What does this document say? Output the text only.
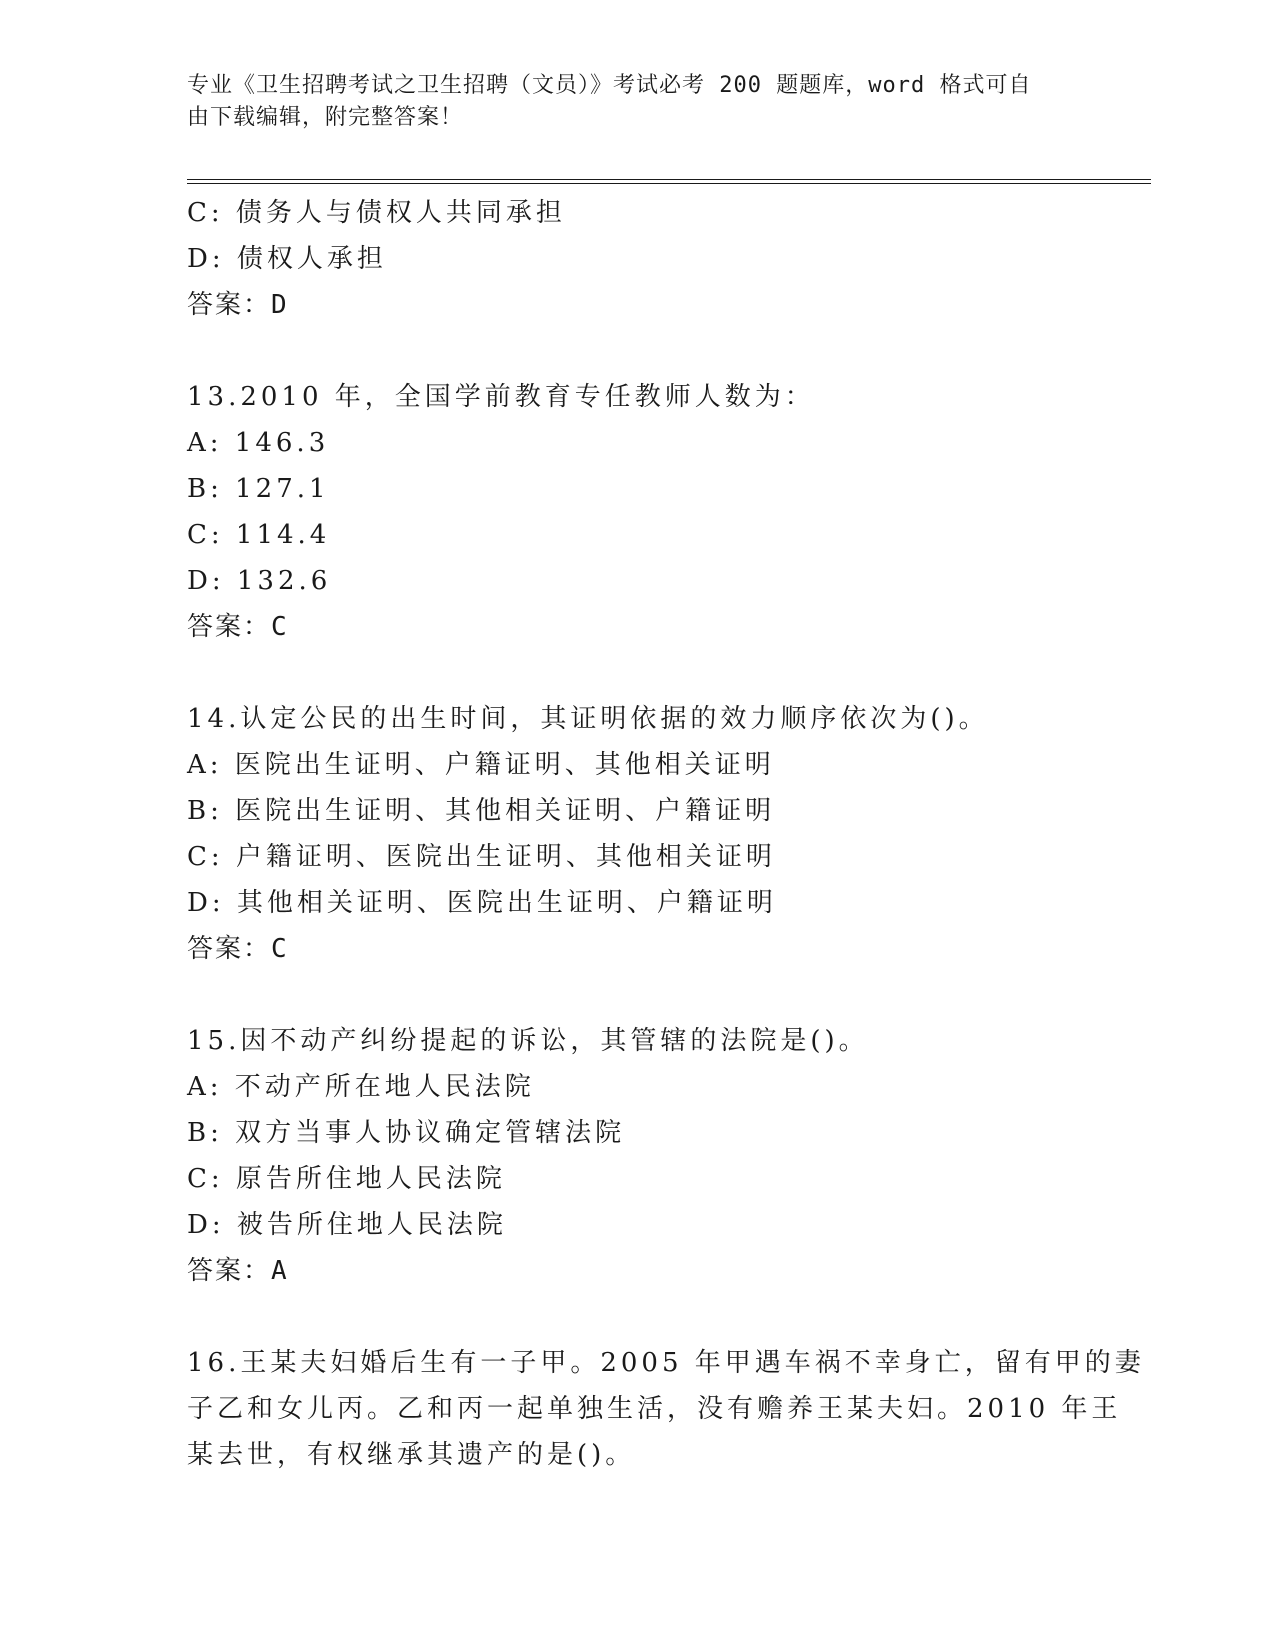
专业《卫生招聘考试之卫生招聘（文员）》考试必考 200 题题库，word 格式可自
由下载编辑，附完整答案！
C: 债务人与债权人共同承担
D: 债权人承担
答案：D
13.2010 年，全国学前教育专任教师人数为：
A: 146.3
B: 127.1
C: 114.4
D: 132.6
答案：C
14.认定公民的出生时间，其证明依据的效力顺序依次为()。
A: 医院出生证明、户籍证明、其他相关证明
B: 医院出生证明、其他相关证明、户籍证明
C: 户籍证明、医院出生证明、其他相关证明
D: 其他相关证明、医院出生证明、户籍证明
答案：C
15.因不动产纠纷提起的诉讼，其管辖的法院是()。
A: 不动产所在地人民法院
B: 双方当事人协议确定管辖法院
C: 原告所住地人民法院
D: 被告所住地人民法院
答案：A
16.王某夫妇婚后生有一子甲。2005 年甲遇车祸不幸身亡，留有甲的妻
子乙和女儿丙。乙和丙一起单独生活，没有赡养王某夫妇。2010 年王
某去世，有权继承其遗产的是()。
